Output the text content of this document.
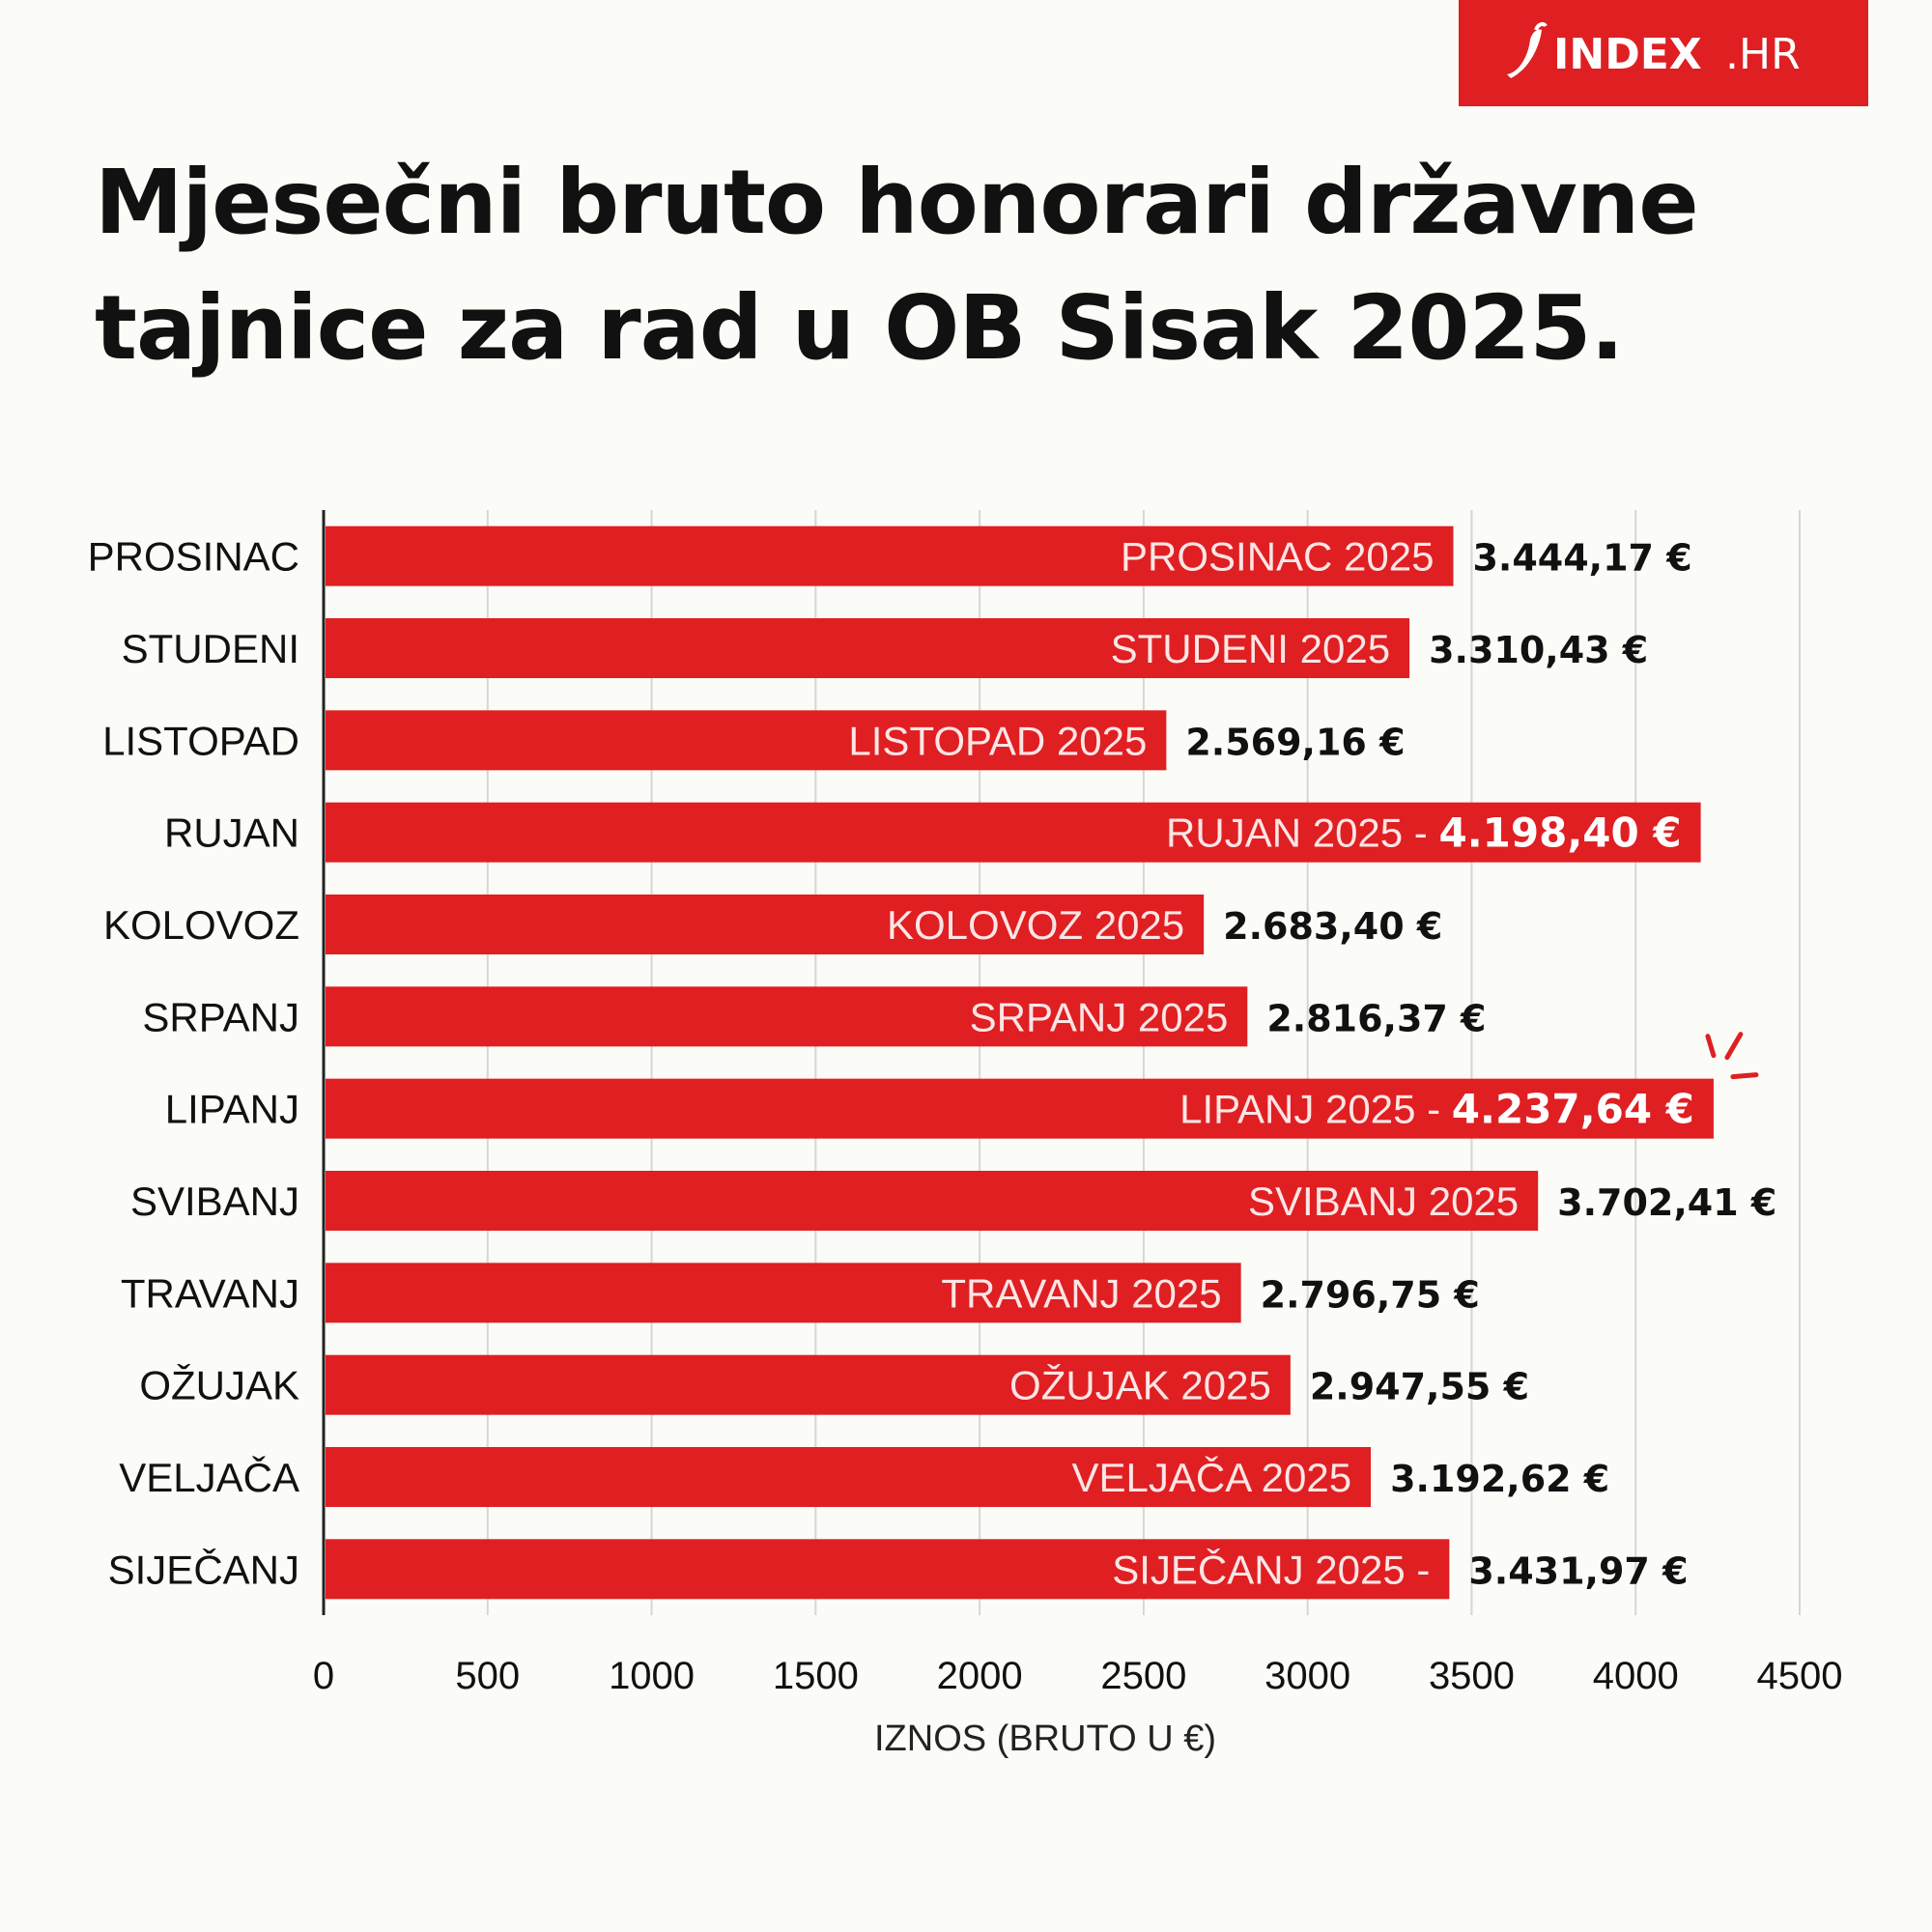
INDEX .HR
Mjesečni bruto honorari državne tajnice za rad u OB Sisak 2025.
0	500 1000 1500 2000 2500 3000 3500 4000 4500
IZNOS (BRUTO U €)
PROSINAC	PROSINAC 2025 3.444,17 €
STUDENI	STUDENI 2025 3.310,43 €
LISTOPAD	LISTOPAD 2025 2.569,16 €
RUJAN	RUJAN 2025 - 4.198,40 €
KOLOVOZ	KOLOVOZ 2025 2.683,40 €
SRPANJ	SRPANJ 2025 2.816,37 €
LIPANJ	LIPANJ 2025 - 4.237,64 €
SVIBANJ	SVIBANJ 2025 3.702,41 €
TRAVANJ	TRAVANJ 2025 2.796,75 €
OŽUJAK	OŽUJAK 2025 2.947,55 €
VELJAČA	VELJAČA 2025 3.192,62 €
SIJEČANJ	SIJEČANJ 2025 - 3.431,97 €
